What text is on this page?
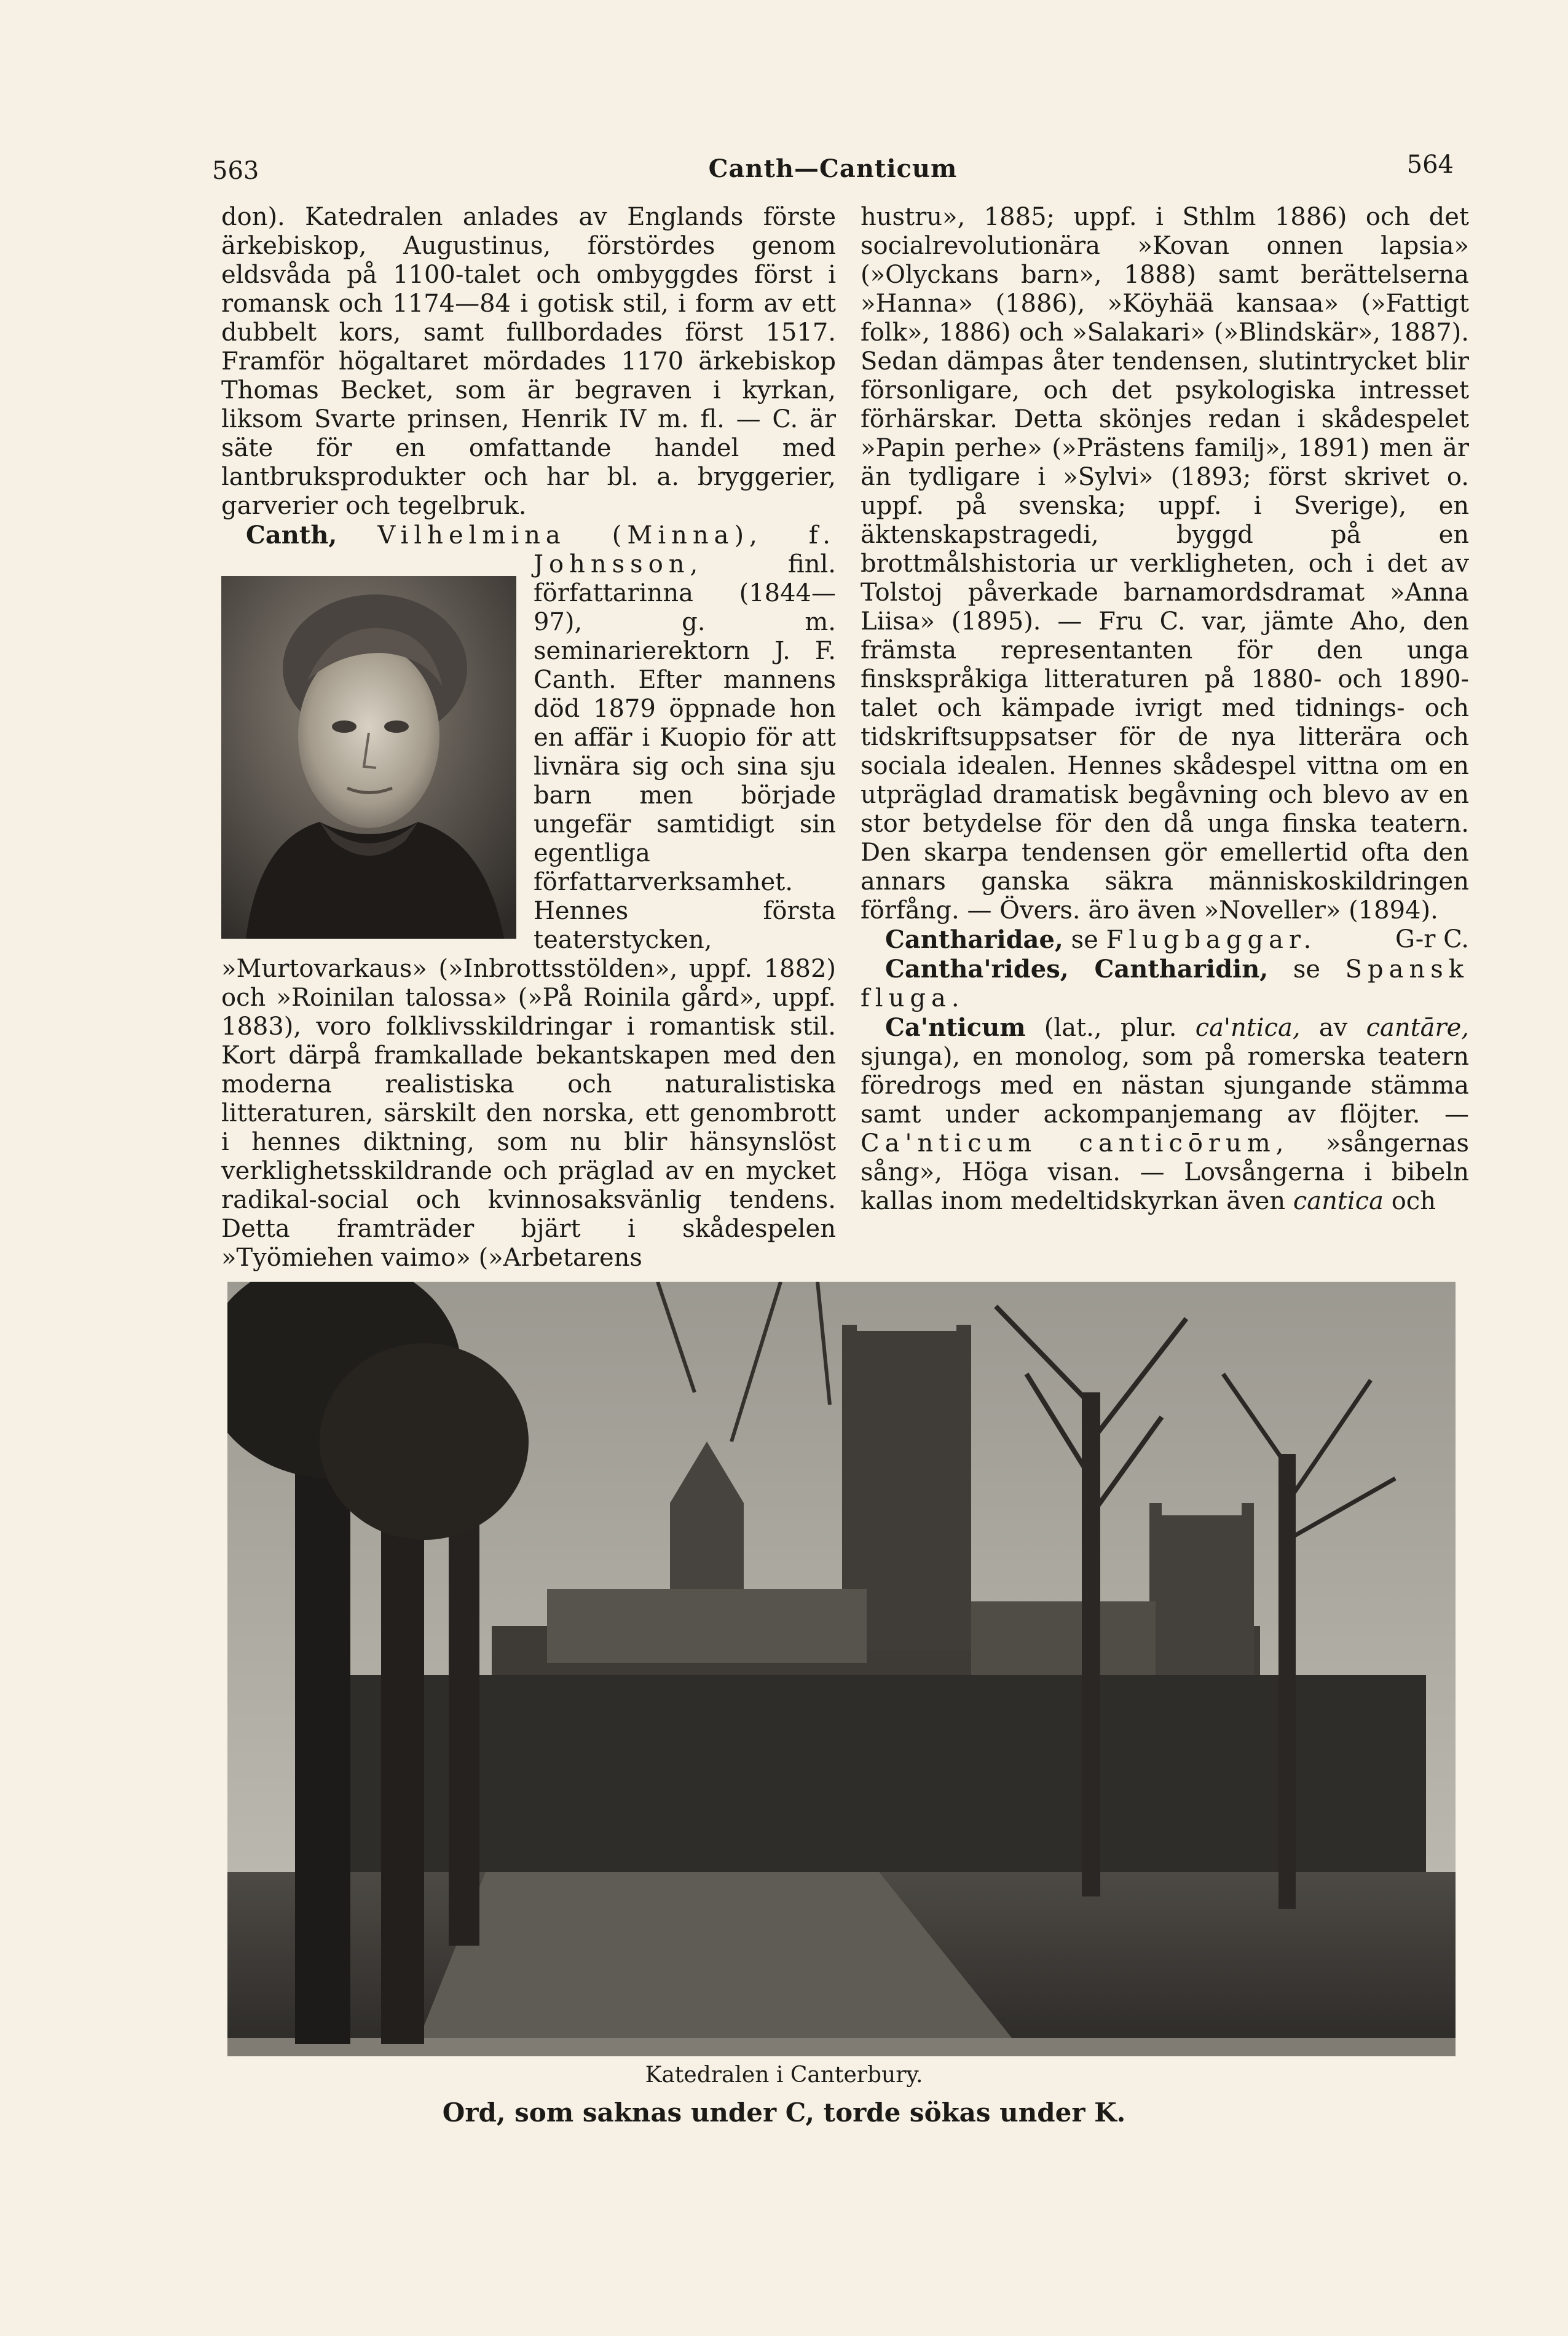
563	Canth—Canticum	564

don). Katedralen anlades av Englands förste ärkebiskop, Augustinus, förstördes genom eldsvåda på 1100-talet och ombyggdes först i romansk och 1174—84 i gotisk stil, i form av ett dubbelt kors, samt fullbordades först 1517. Framför högaltaret mördades 1170 ärkebiskop Thomas Becket, som är begraven i kyrkan, liksom Svarte prinsen, Henrik IV m. fl. — C. är säte för en omfattande handel med lantbruksprodukter och har bl. a. bryggerier, garverier och tegelbruk.

Canth, Vilhelmina (Minna), f. Johnsson,	finl. författarinna (1844—97), g. m. seminarierektorn J. F. Canth. Efter mannens död 1879 öppnade hon en affär i Kuopio för att livnära sig och sina sju barn men började ungefär samtidigt sin egentliga författarverksamhet. Hennes första teaterstycken, »Murtovarkaus» (»Inbrottsstölden», uppf. 1882) och »Roinilan talossa» (»På Roinila gård», uppf. 1883), voro folklivsskildringar i romantisk stil. Kort därpå framkallade bekantskapen med den moderna realistiska och naturalistiska litteraturen, särskilt den norska, ett genombrott i hennes diktning, som nu blir hänsynslöst verklighetsskildrande och präglad av en mycket radikal-social och kvinnosaksvänlig tendens. Detta framträder bjärt i skådespelen »Työmiehen vaimo» (»Arbetarens

hustru», 1885; uppf. i Sthlm 1886) och det socialrevolutionära »Kovan onnen lapsia» (»Olyckans barn», 1888) samt berättelserna »Hanna» (1886), »Köyhää kansaa» (»Fattigt folk», 1886) och »Salakari» (»Blindskär», 1887). Sedan dämpas åter tendensen, slutintrycket blir försonligare, och det psykologiska intresset förhärskar. Detta skönjes redan i skådespelet »Papin perhe» (»Prästens familj», 1891) men är än tydligare i »Sylvi» (1893; först skrivet o. uppf. på svenska; uppf. i Sverige), en äktenskapstragedi, byggd på en brottmålshistoria ur verkligheten, och i det av Tolstoj påverkade barnamordsdramat »Anna Liisa» (1895). — Fru C. var, jämte Aho, den främsta representanten för den unga finskspråkiga litteraturen på 1880- och 1890-talet och kämpade ivrigt med tidnings- och tidskriftsuppsatser för de nya litterära och sociala idealen. Hennes skådespel vittna om en utpräglad dramatisk begåvning och blevo av en stor betydelse för den då unga finska teatern. Den skarpa tendensen gör emellertid ofta den annars ganska säkra människoskildringen förfång. — Övers. äro även »Noveller» (1894).
G-r C.

Cantharidae, se Flugbaggar.

Cantha'rides, Cantharidin, se Spansk fluga.

Ca'nticum (lat., plur. ca'ntica, av cantāre, sjunga), en monolog, som på romerska teatern föredrogs med en nästan sjungande stämma samt under ackompanjemang av flöjter. — Ca'nticum canticōrum, »sångernas sång», Höga visan. — Lovsångerna i bibeln kallas inom medeltidskyrkan även cantica och

Katedralen i Canterbury.
Ord, som saknas under C, torde sökas under K.
